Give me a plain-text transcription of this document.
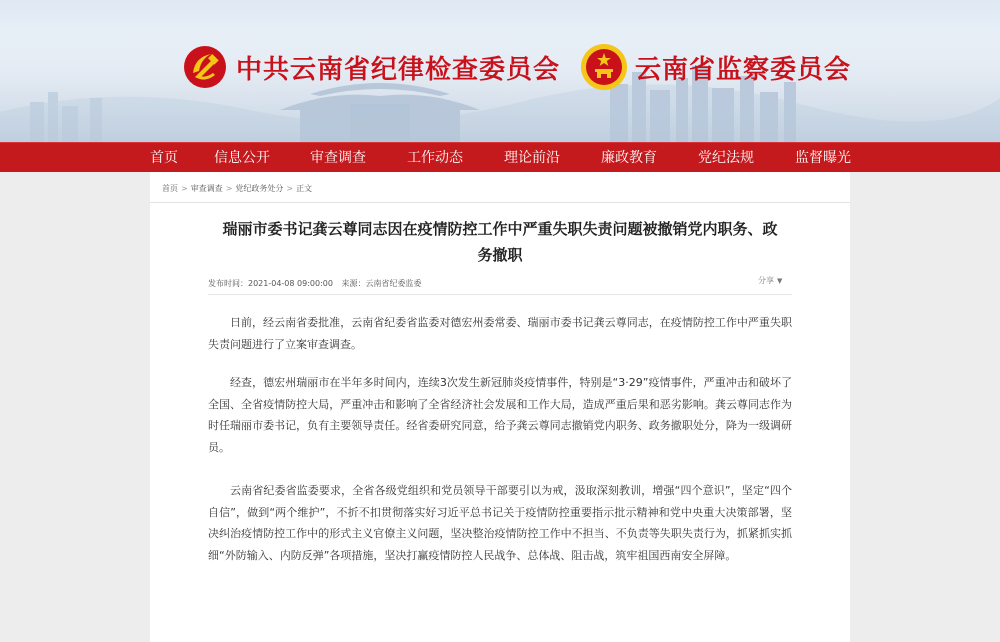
中共云南省纪律检查委员会	云南省监察委员会
首页	信息公开	审查调查	工作动态	理论前沿	廉政教育	党纪法规	监督曝光
首页 > 审查调查 > 党纪政务处分 > 正文
瑞丽市委书记龚云尊同志因在疫情防控工作中严重失职失责问题被撤销党内职务、政务撤职
发布时间：2021-04-08 09:00:00 来源：云南省纪委监委	分享 ▼

日前，经云南省委批准，云南省纪委省监委对德宏州委常委、瑞丽市委书记龚云尊同志，在疫情防控工作中严重失职失责问题进行了立案审查调查。

经查，德宏州瑞丽市在半年多时间内，连续3次发生新冠肺炎疫情事件，特别是“3·29”疫情事件，严重冲击和破坏了全国、全省疫情防控大局，严重冲击和影响了全省经济社会发展和工作大局，造成严重后果和恶劣影响。龚云尊同志作为时任瑞丽市委书记，负有主要领导责任。经省委研究同意，给予龚云尊同志撤销党内职务、政务撤职处分，降为一级调研员。

云南省纪委省监委要求，全省各级党组织和党员领导干部要引以为戒，汲取深刻教训，增强“四个意识”，坚定“四个自信”，做到“两个维护”，不折不扣贯彻落实好习近平总书记关于疫情防控重要指示批示精神和党中央重大决策部署，坚决纠治疫情防控工作中的形式主义官僚主义问题，坚决整治疫情防控工作中不担当、不负责等失职失责行为，抓紧抓实抓细“外防输入、内防反弹”各项措施，坚决打赢疫情防控人民战争、总体战、阻击战，筑牢祖国西南安全屏障。
